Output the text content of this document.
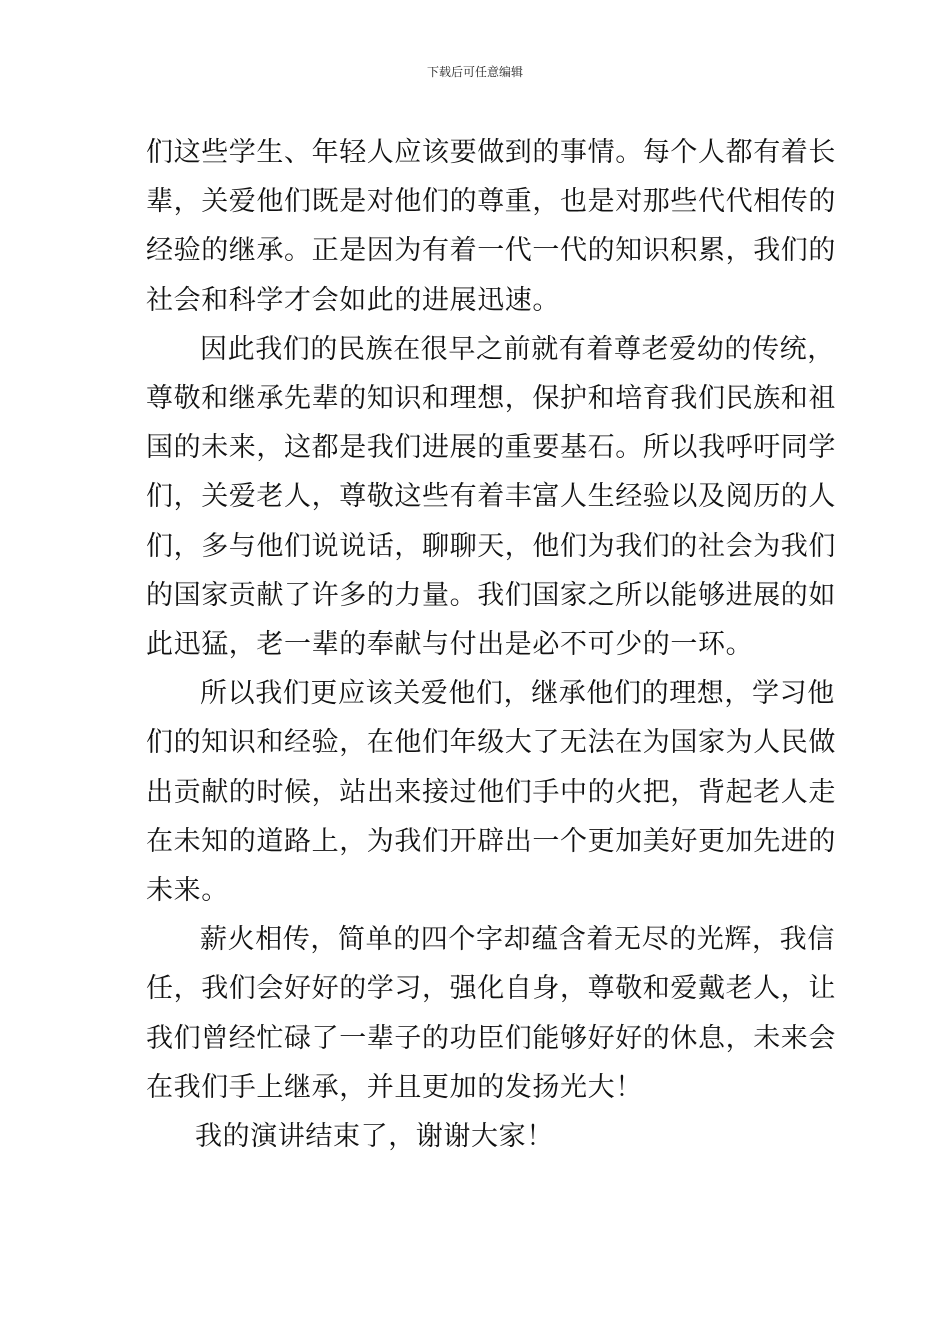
下载后可任意编辑
们这些学生、年轻人应该要做到的事情。每个人都有着长
辈，关爱他们既是对他们的尊重，也是对那些代代相传的
经验的继承。正是因为有着一代一代的知识积累，我们的
社会和科学才会如此的进展迅速。
因此我们的民族在很早之前就有着尊老爱幼的传统，
尊敬和继承先辈的知识和理想，保护和培育我们民族和祖
国的未来，这都是我们进展的重要基石。所以我呼吁同学
们，关爱老人，尊敬这些有着丰富人生经验以及阅历的人
们，多与他们说说话，聊聊天，他们为我们的社会为我们
的国家贡献了许多的力量。我们国家之所以能够进展的如
此迅猛，老一辈的奉献与付出是必不可少的一环。
所以我们更应该关爱他们，继承他们的理想，学习他
们的知识和经验，在他们年级大了无法在为国家为人民做
出贡献的时候，站出来接过他们手中的火把，背起老人走
在未知的道路上，为我们开辟出一个更加美好更加先进的
未来。
薪火相传，简单的四个字却蕴含着无尽的光辉，我信
任，我们会好好的学习，强化自身，尊敬和爱戴老人，让
我们曾经忙碌了一辈子的功臣们能够好好的休息，未来会
在我们手上继承，并且更加的发扬光大！
我的演讲结束了，谢谢大家！
